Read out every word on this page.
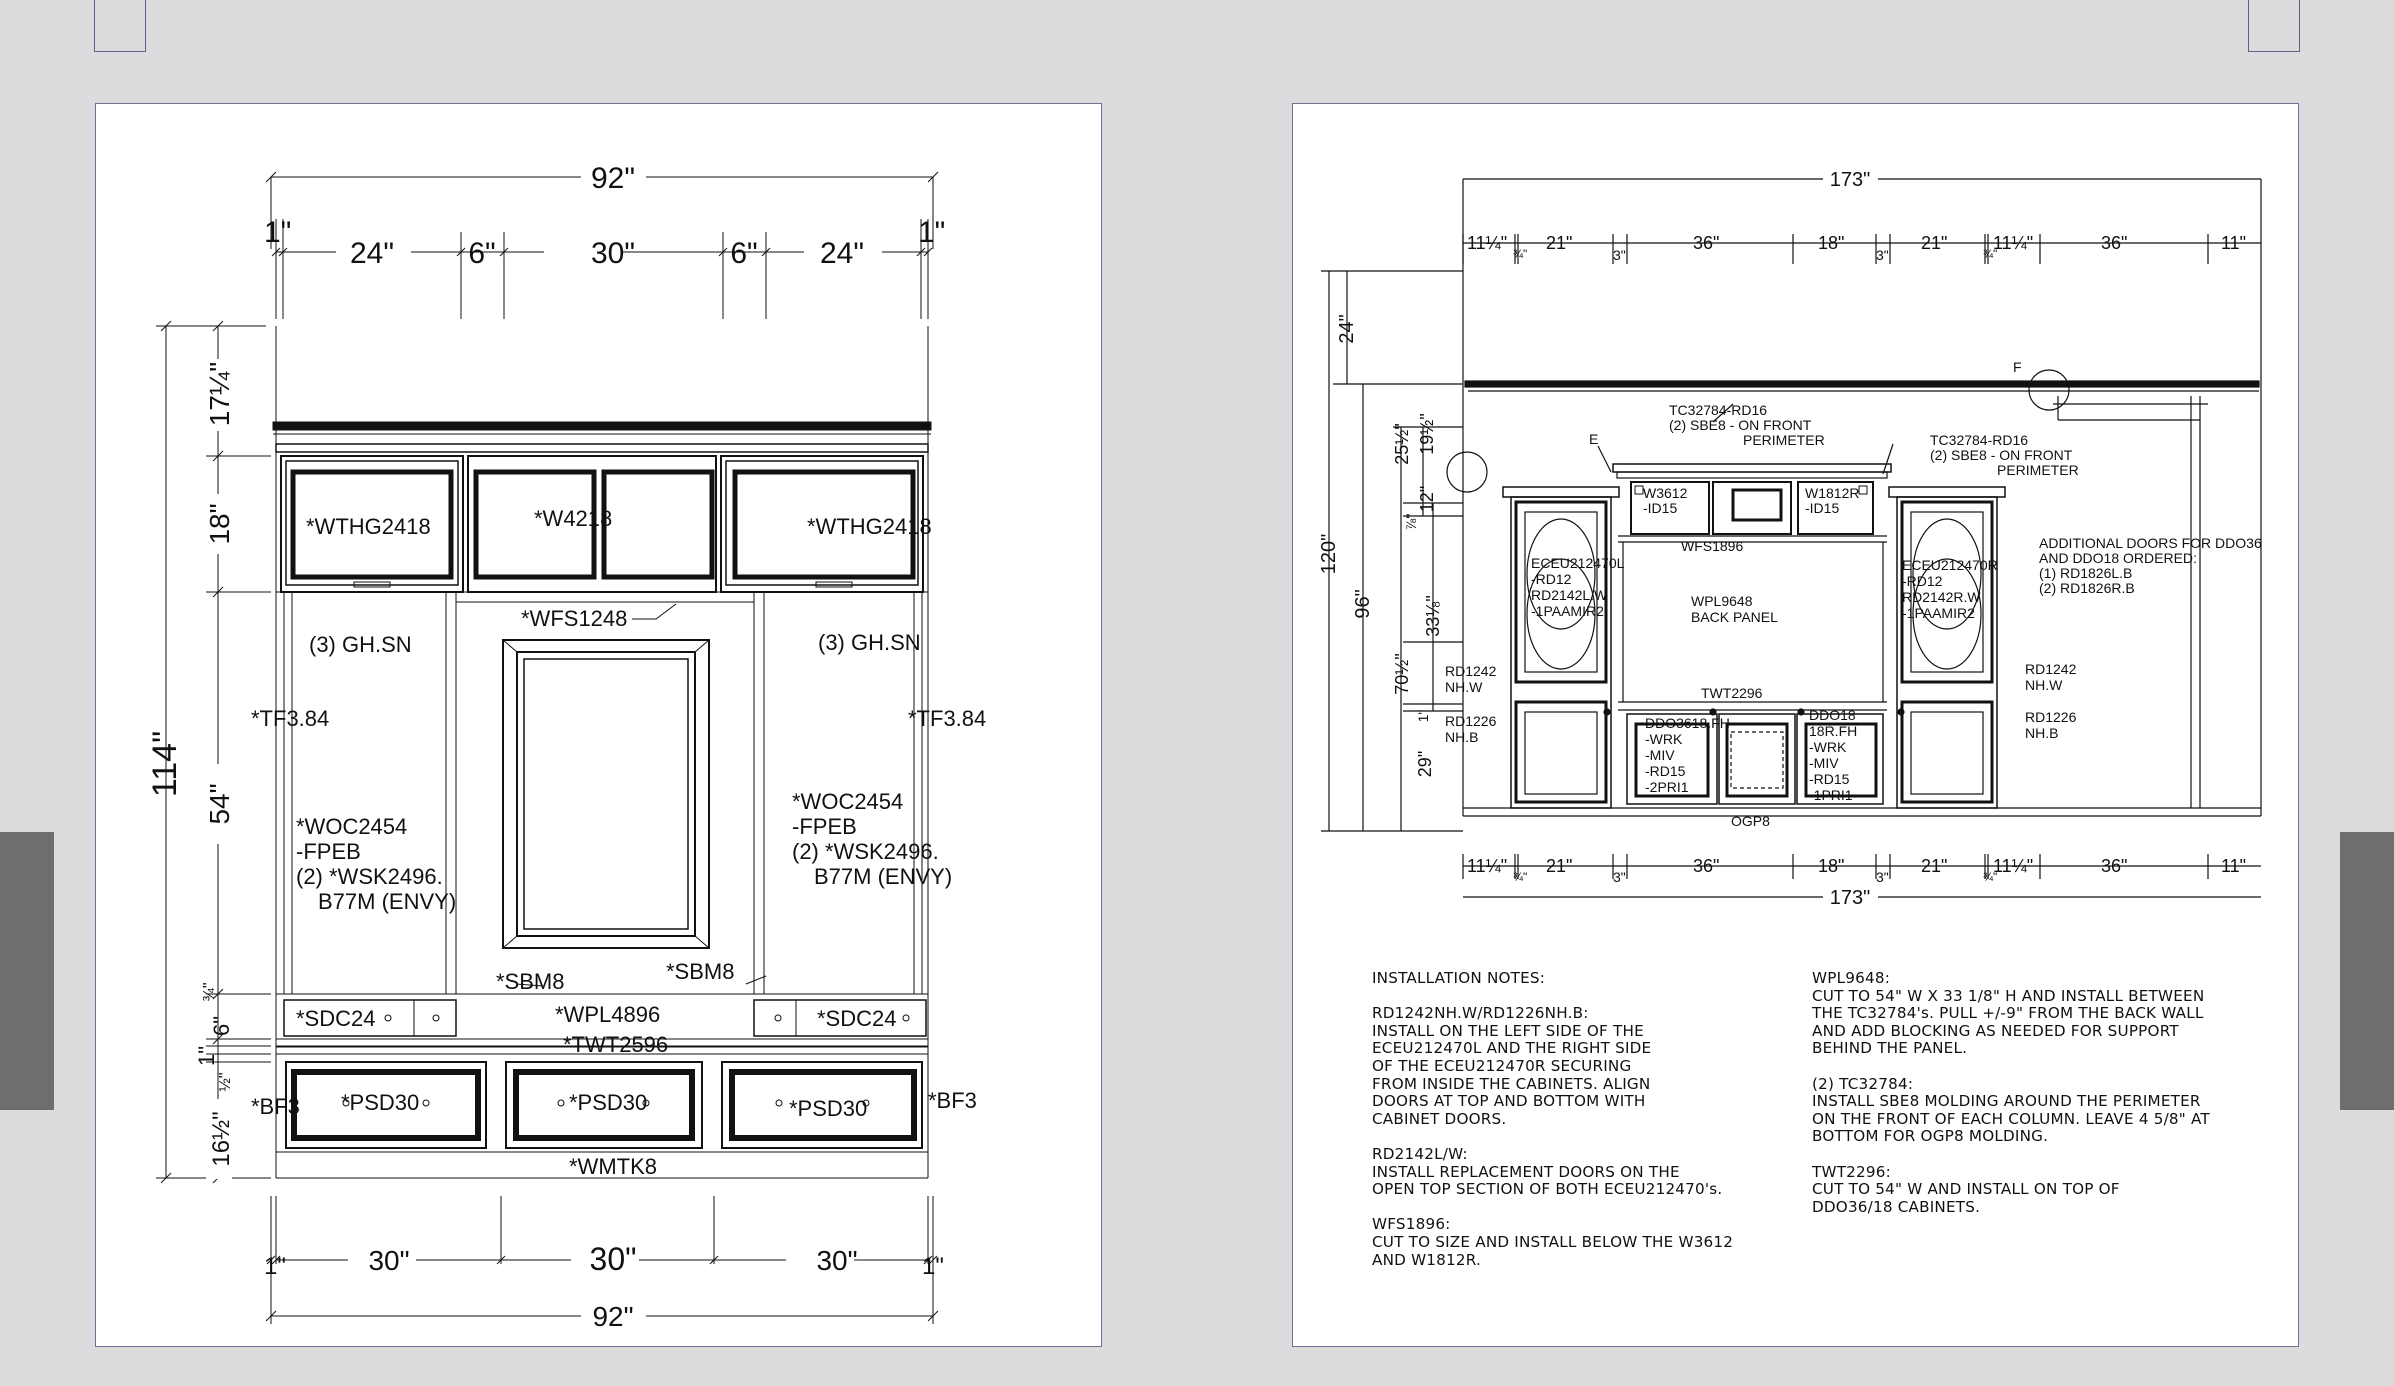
92"
1"
24" 6"	30"	6" 24"
1"
114"
17¼"
18"
54"
6"
¾"
1"
½"
16½"
1"	30"	30"	30"	1"
92"
*WTHG2418	*W4218	*WTHG2418
*WFS1248
(3) GH.SN	(3) GH.SN
*TF3.84	*TF3.84
*WOC2454
-FPEB
(2) *WSK2496.
B77M (ENVY)
*WOC2454
-FPEB
(2) *WSK2496.
B77M (ENVY)
*SBM8	*SBM8
*SDC24	*SDC24
*WPL4896
*TWT2596
*BF3	*BF3
*PSD30	*PSD30	*PSD30
*WMTK8
173"
11¼"
¾"
21"
3"
36"	18"
3"
21"
¾"
11¼"	36"	11"
120"
24"
96"
25½" 19½"
⅞"
12"
33⅛"
70½"
1"
29"
F
E
11¼"
¾"
21"
3"
36"	18"
3"
21"
¾"
11¼"	36"	11"
173"
TC32784-RD16
(2) SBE8 - ON FRONT
PERIMETER	TC32784-RD16
(2) SBE8 - ON FRONT
PERIMETER
W3612
-ID15
W1812R
-ID15
WFS1896
WPL9648
BACK PANEL
ECEU212470L
-RD12
RD2142L.W
-1PAAMIR2
ECEU212470R
-RD12
RD2142R.W
-1PAAMIR2
RD1242
NH.W
RD1226
NH.B
RD1242
NH.W
RD1226
NH.B
TWT2296
DDO3618.FH
-WRK
-MIV
-RD15
-2PRI1
DDO18
18R.FH
-WRK
-MIV
-RD15
-1PRI1
OGP8
ADDITIONAL DOORS FOR DDO36
AND DDO18 ORDERED:
(1) RD1826L.B
(2) RD1826R.B
INSTALLATION NOTES:

RD1242NH.W/RD1226NH.B:
INSTALL ON THE LEFT SIDE OF THE
ECEU212470L AND THE RIGHT SIDE
OF THE ECEU212470R SECURING
FROM INSIDE THE CABINETS. ALIGN
DOORS AT TOP AND BOTTOM WITH
CABINET DOORS.

RD2142L/W:
INSTALL REPLACEMENT DOORS ON THE
OPEN TOP SECTION OF BOTH ECEU212470's.

WFS1896:
CUT TO SIZE AND INSTALL BELOW THE W3612
AND W1812R.
WPL9648:
CUT TO 54" W X 33 1/8" H AND INSTALL BETWEEN
THE TC32784's. PULL +/-9" FROM THE BACK WALL
AND ADD BLOCKING AS NEEDED FOR SUPPORT
BEHIND THE PANEL.

(2) TC32784:
INSTALL SBE8 MOLDING AROUND THE PERIMETER
ON THE FRONT OF EACH COLUMN. LEAVE 4 5/8" AT
BOTTOM FOR OGP8 MOLDING.

TWT2296:
CUT TO 54" W AND INSTALL ON TOP OF
DDO36/18 CABINETS.
